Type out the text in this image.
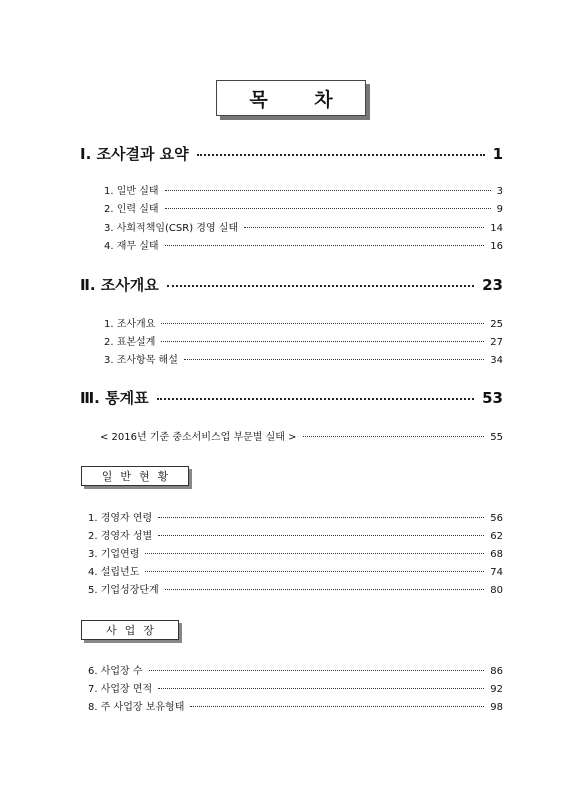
목 차
Ⅰ. 조사결과 요약	1
1. 일반 실태	3
2. 인력 실태	9
3. 사회적책임(CSR) 경영 실태	14
4. 재무 실태	16
Ⅱ. 조사개요	23
1. 조사개요	25
2. 표본설계	27
3. 조사항목 해설	34
Ⅲ. 통계표	53
< 2016년 기준 중소서비스업 부문별 실태 >	55
일반현황
1. 경영자 연령	56
2. 경영자 성별	62
3. 기업연령	68
4. 설립년도	74
5. 기업성장단계	80
사업장
6. 사업장 수	86
7. 사업장 면적	92
8. 주 사업장 보유형태	98
